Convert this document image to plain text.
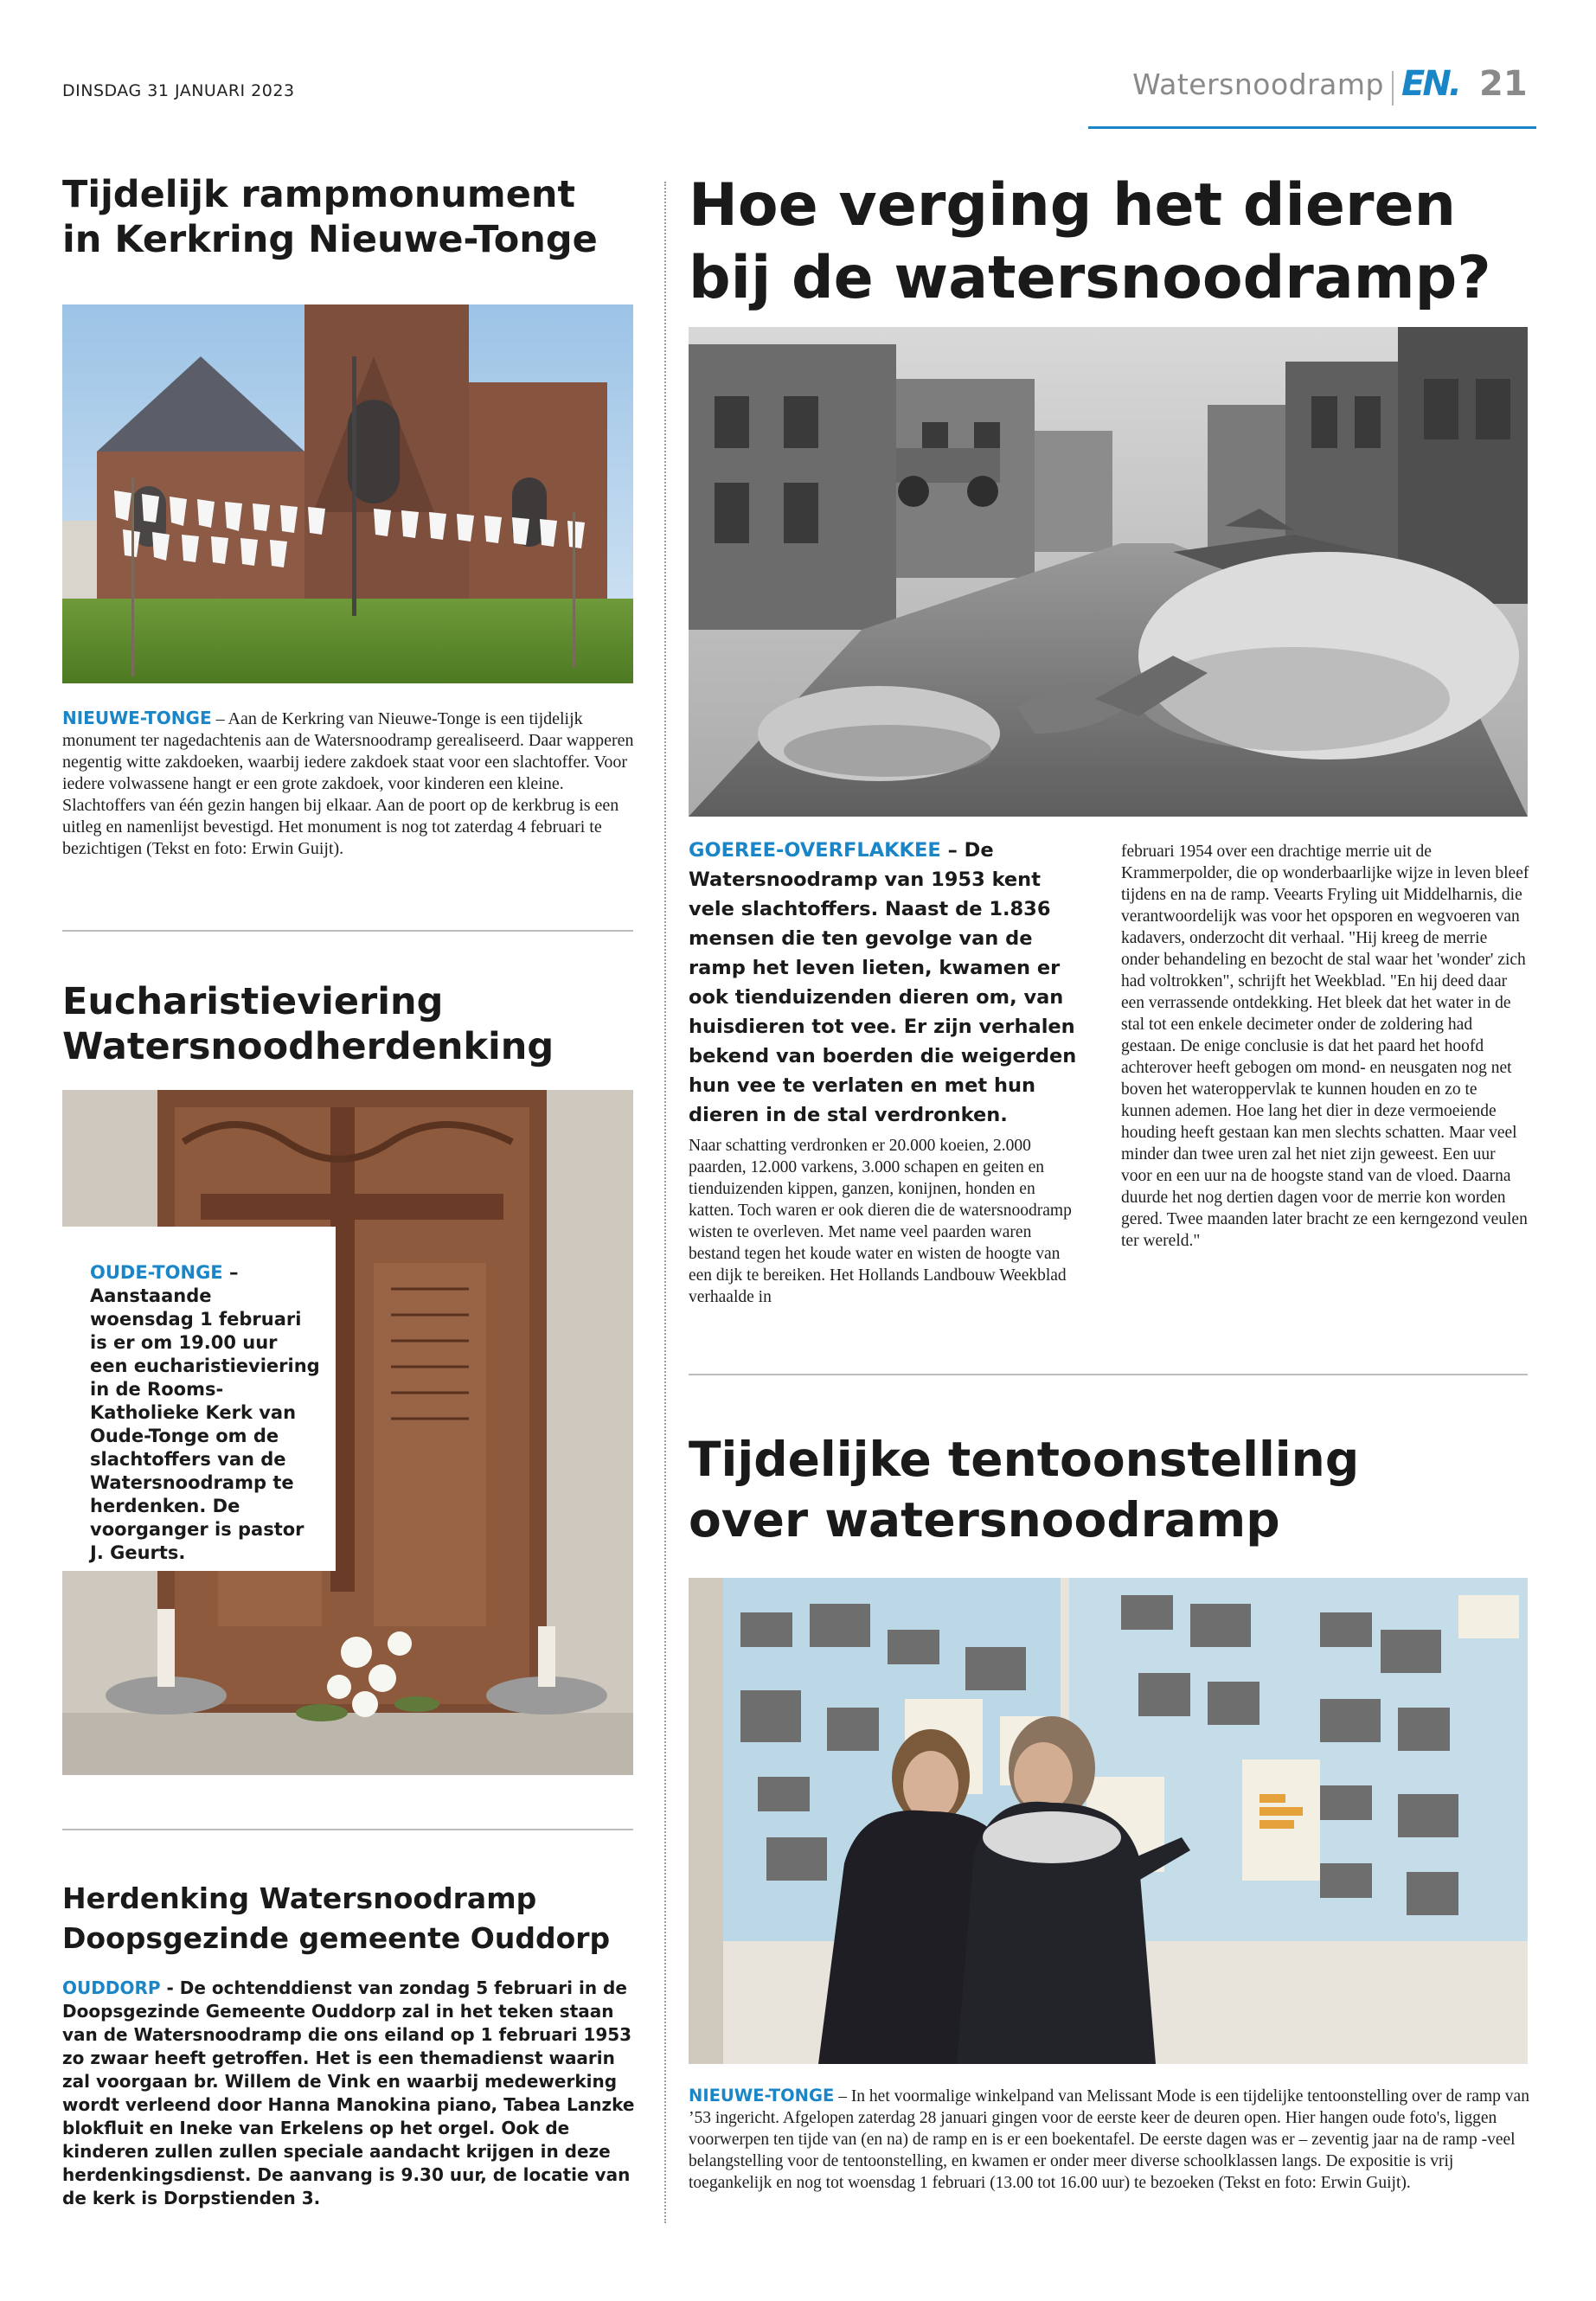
DINSDAG 31 JANUARI 2023	Watersnoodramp EN. 21
Tijdelijk rampmonument
in Kerkring Nieuwe-Tonge
NIEUWE-TONGE – Aan de Kerkring van Nieuwe-Tonge is een tijdelijk monument ter nagedachtenis aan de Watersnoodramp gerealiseerd. Daar wapperen negentig witte zakdoeken, waarbij iedere zakdoek staat voor een slachtoffer. Voor iedere volwassene hangt er een grote zakdoek, voor kinderen een kleine. Slachtoffers van één gezin hangen bij elkaar. Aan de poort op de kerkbrug is een uitleg en namenlijst bevestigd. Het monument is nog tot zaterdag 4 februari te bezichtigen (Tekst en foto: Erwin Guijt).
Eucharistieviering
Watersnoodherdenking

OUDE-TONGE – Aanstaande woensdag 1 februari is er om 19.00 uur een eucharistieviering in de Rooms-Katholieke Kerk van Oude-Tonge om de slachtoffers van de Watersnoodramp te herdenken. De voorganger is pastor J. Geurts.

Herdenking Watersnoodramp
Doopsgezinde gemeente Ouddorp
OUDDORP - De ochtenddienst van zondag 5 februari in de Doopsgezinde Gemeente Ouddorp zal in het teken staan van de Watersnoodramp die ons eiland op 1 februari 1953 zo zwaar heeft getroffen. Het is een themadienst waarin zal voorgaan br. Willem de Vink en waarbij medewerking wordt verleend door Hanna Manokina piano, Tabea Lanzke blokfluit en Ineke van Erkelens op het orgel. Ook de kinderen zullen zullen speciale aandacht krijgen in deze herdenkingsdienst. De aanvang is 9.30 uur, de locatie van de kerk is Dorpstienden 3.
Hoe verging het dieren
bij de watersnoodramp?
GOEREE-OVERFLAKKEE – De Watersnoodramp van 1953 kent vele slachtoffers. Naast de 1.836 mensen die ten gevolge van de ramp het leven lieten, kwamen er ook tienduizenden dieren om, van huisdieren tot vee. Er zijn verhalen bekend van boerden die weigerden hun vee te verlaten en met hun dieren in de stal verdronken.
Naar schatting verdronken er 20.000 koeien, 2.000 paarden, 12.000 varkens, 3.000 schapen en geiten en tienduizenden kippen, ganzen, konijnen, honden en katten. Toch waren er ook dieren die de watersnoodramp wisten te overleven. Met name veel paarden waren bestand tegen het koude water en wisten de hoogte van een dijk te bereiken. Het Hollands Landbouw Weekblad verhaalde in
februari 1954 over een drachtige merrie uit de Krammerpolder, die op wonderbaarlijke wijze in leven bleef tijdens en na de ramp. Veearts Fryling uit Middelharnis, die verantwoordelijk was voor het opsporen en wegvoeren van kadavers, onderzocht dit verhaal. "Hij kreeg de merrie onder behandeling en bezocht de stal waar het 'wonder' zich had voltrokken", schrijft het Weekblad. "En hij deed daar een verrassende ontdekking. Het bleek dat het water in de stal tot een enkele decimeter onder de zoldering had gestaan. De enige conclusie is dat het paard het hoofd achterover heeft gebogen om mond- en neusgaten nog net boven het wateroppervlak te kunnen houden en zo te kunnen ademen. Hoe lang het dier in deze vermoeiende houding heeft gestaan kan men slechts schatten. Maar veel minder dan twee uren zal het niet zijn geweest. Een uur voor en een uur na de hoogste stand van de vloed. Daarna duurde het nog dertien dagen voor de merrie kon worden gered. Twee maanden later bracht ze een kerngezond veulen ter wereld."
Tijdelijke tentoonstelling
over watersnoodramp
NIEUWE-TONGE – In het voormalige winkelpand van Melissant Mode is een tijdelijke tentoonstelling over de ramp van ’53 ingericht. Afgelopen zaterdag 28 januari gingen voor de eerste keer de deuren open. Hier hangen oude foto's, liggen voorwerpen ten tijde van (en na) de ramp en is er een boekentafel. De eerste dagen was er – zeventig jaar na de ramp -veel belangstelling voor de tentoonstelling, en kwamen er onder meer diverse schoolklassen langs. De expositie is vrij toegankelijk en nog tot woensdag 1 februari (13.00 tot 16.00 uur) te bezoeken (Tekst en foto: Erwin Guijt).
